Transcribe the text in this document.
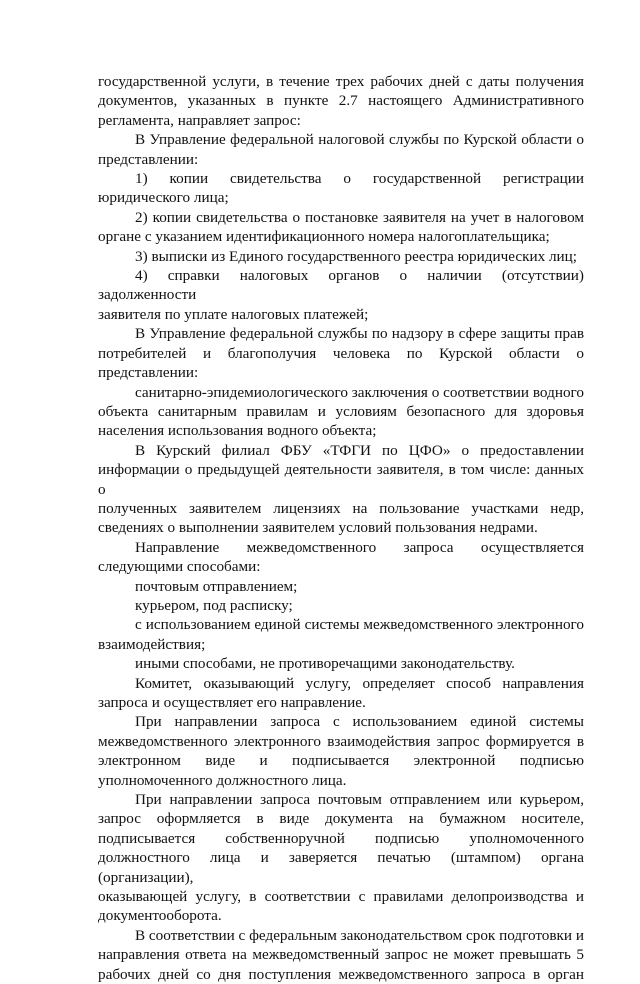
государственной услуги, в течение трех рабочих дней с даты получения
документов, указанных в пункте 2.7 настоящего Административного
регламента, направляет запрос:
В Управление федеральной налоговой службы по Курской области о
представлении:
1) копии свидетельства о государственной регистрации
юридического лица;
2) копии свидетельства о постановке заявителя на учет в налоговом
органе с указанием идентификационного номера налогоплательщика;
3) выписки из Единого государственного реестра юридических лиц;
4) справки налоговых органов о наличии (отсутствии) задолженности
заявителя по уплате налоговых платежей;
В Управление федеральной службы по надзору в сфере защиты прав
потребителей и благополучия человека по Курской области о
представлении:
санитарно-эпидемиологического заключения о соответствии водного
объекта санитарным правилам и условиям безопасного для здоровья
населения использования водного объекта;
В Курский филиал ФБУ «ТФГИ по ЦФО» о предоставлении
информации о предыдущей деятельности заявителя, в том числе: данных о
полученных заявителем лицензиях на пользование участками недр,
сведениях о выполнении заявителем условий пользования недрами.
Направление межведомственного запроса осуществляется
следующими способами:
почтовым отправлением;
курьером, под расписку;
с использованием единой системы межведомственного электронного
взаимодействия;
иными способами, не противоречащими законодательству.
Комитет, оказывающий услугу, определяет способ направления
запроса и осуществляет его направление.
При направлении запроса с использованием единой системы
межведомственного электронного взаимодействия запрос формируется в
электронном виде и подписывается электронной подписью
уполномоченного должностного лица.
При направлении запроса почтовым отправлением или курьером,
запрос оформляется в виде документа на бумажном носителе,
подписывается собственноручной подписью уполномоченного
должностного лица и заверяется печатью (штампом) органа (организации),
оказывающей услугу, в соответствии с правилами делопроизводства и
документооборота.
В соответствии с федеральным законодательством срок подготовки и
направления ответа на межведомственный запрос не может превышать 5
рабочих дней со дня поступления межведомственного запроса в орган
